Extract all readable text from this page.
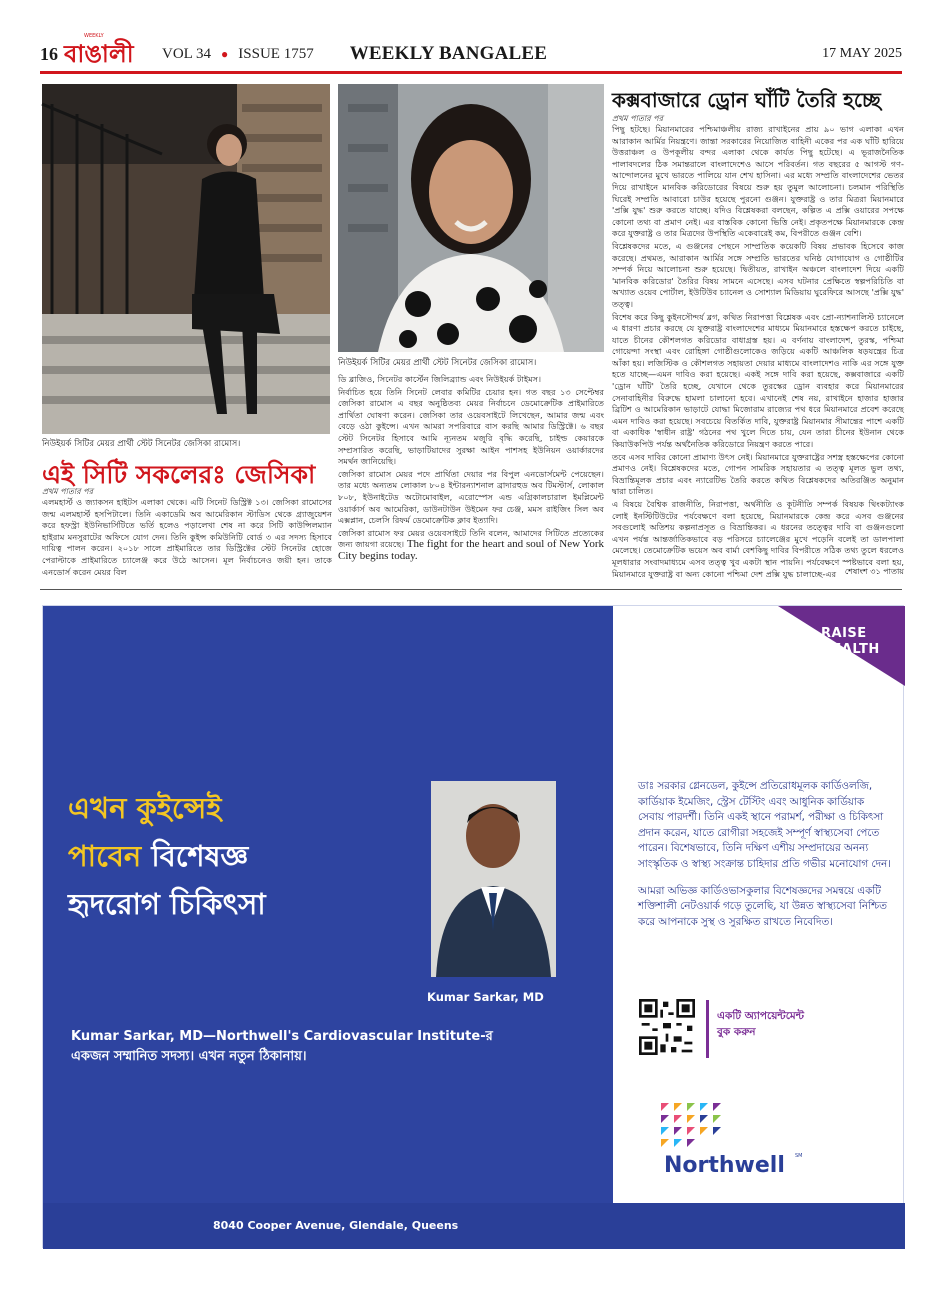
16
WEEKLY
বাঙালী VOL 34 ● ISSUE 1757 WEEKLY BANGALEE	17 MAY 2025
নিউইয়র্ক সিটির মেয়র প্রার্থী স্টেট সিনেটর জেসিকা রামোস।
নিউইয়র্ক সিটির মেয়র প্রার্থী স্টেট সিনেটর জেসিকা রামোস।
এই সিটি সকলেরঃ জেসিকা
প্রথম পাতার পর

এলমহার্স্ট ও জ্যাকসন হাইটস এলাকা থেকে। এটি সিনেট ডিস্ট্রিক্ট ১৩। জেসিকা রামোসের জন্ম এলমহার্স্ট হসপিটালে। তিনি একাডেমি অব আমেরিকান স্টাডিস থেকে গ্র্যাজুয়েশন করে হফস্ট্রা ইউনিভার্সিটিতে ভর্তি হলেও পড়ালেখা শেষ না করে সিটি কাউন্সিলম্যান হাইরাম মনসুরাটের অফিসে যোগ দেন। তিনি কুইন্স কমিউনিটি বোর্ড ৩ এর সদস্য হিসাবে দায়িত্ব পালন করেন। ২০১৮ সালে প্রাইমারিতে তার ডিস্ট্রিক্টের স্টেট সিনেটর হোজে পেরাল্টাকে প্রাইমারিতে চ্যালেঞ্জ করে উঠে আসেন। মূল নির্বাচনেও জয়ী হন। তাকে এনডোর্স করেন মেয়র বিল

ডি ব্লাজিও, সিনেটর কার্স্টেন জিলিব্র্যান্ড এবং নিউইয়র্ক টাইমস।

নির্বাচিত হয়ে তিনি সিনেট লেবার কমিটির চেয়ার হন। গত বছর ১৩ সেপ্টেম্বর জেসিকা রামোস এ বছর অনুষ্ঠিতব্য মেয়র নির্বাচনে ডেমোক্রেটিক প্রাইমারিতে প্রার্থিতা ঘোষণা করেন। জেসিকা তার ওয়েবসাইটে লিখেছেন, আমার জন্ম এবং বেড়ে ওঠা কুইন্সে। এখন আমরা সপরিবারে বাস করছি আমার ডিস্ট্রিক্টে। ৬ বছর স্টেট সিনেটর হিসাবে আমি ন্যূনতম মজুরি বৃদ্ধি করেছি, চাইল্ড কেয়ারকে সম্প্রসারিত করেছি, ভাড়াটিয়াদের সুরক্ষা আইন পাশসহ ইউনিয়ন ওয়ার্কারদের সমর্থন জানিয়েছি।

জেসিকা রামোস মেয়র পদে প্রার্থিতা দেয়ার পর বিপুল এনডোর্সমেন্ট পেয়েছেন। তার মধ্যে অন্যতম লোকাল ৮০৪ ইন্টারন্যাশনাল ব্রাদারহুড অব টিমস্টার্স, লোকাল ৮০৮, ইউনাইটেড অটোমোবাইল, এরোস্পেস এন্ড এগ্রিকালচারাল ইমপ্লিমেন্ট ওয়ার্কার্স অব আমেরিকা, ডাউনটাউন উইমেন ফর চেঞ্জ, মমস রাইজিং সিল অব এক্সপ্লান, চেলসি রিফর্ম ডেমোক্রেটিক ক্লাব ইত্যাদি।

জেসিকা রামোস ফর মেয়র ওয়েবসাইটে তিনি বলেন, আমাদের সিটিতে প্রত্যেকের জন্য জায়গা রয়েছে। The fight for the heart and soul of New York City begins today.

কক্সবাজারে ড্রোন ঘাঁটি তৈরি হচ্ছে
প্রথম পাতার পর

পিছু হটছে। মিয়ানমারের পশ্চিমাঞ্চলীয় রাজ্য রাখাইনের প্রায় ৯০ ভাগ এলাকা এখন আরাকান আর্মির নিয়ন্ত্রণে। জান্তা সরকারের নিয়োজিত বাহিনী একের পর এক ঘাঁটি হারিয়ে উত্তরাঞ্চল ও উপকূলীয় বন্দর এলাকা থেকে কার্যত পিছু হটেছে। এ ভূরাজনৈতিক পালাবদলের ঠিক সমান্তরালে বাংলাদেশেও আসে পরিবর্তন। গত বছরের ৫ আগস্ট গণ-আন্দোলনের মুখে ভারতে পালিয়ে যান শেখ হাসিনা। এর মধ্যে সম্প্রতি বাংলাদেশের ভেতর দিয়ে রাখাইনে মানবিক করিডোরের বিষয়ে শুরু হয় তুমুল আলোচনা। চলমান পরিস্থিতি ঘিরেই সম্প্রতি আবারো চাউর হয়েছে পুরনো গুঞ্জন। যুক্তরাষ্ট্র ও তার মিত্ররা মিয়ানমারে 'প্রক্সি যুদ্ধ' শুরু করতে যাচ্ছে। যদিও বিশ্লেষকরা বলছেন, কল্পিত এ প্রক্সি ওয়ারের সপক্ষে কোনো তথ্য বা প্রমাণ নেই। এর বাস্তবিক কোনো ভিত্তি নেই। প্রকৃতপক্ষে মিয়ানমারকে কেন্দ্র করে যুক্তরাষ্ট্র ও তার মিত্রদের উপস্থিতি একেবারেই কম, বিপরীতে গুঞ্জন বেশি।

বিশ্লেষকদের মতে, এ গুঞ্জনের পেছনে সাম্প্রতিক কয়েকটি বিষয় প্রভাবক হিসেবে কাজ করেছে। প্রথমত, আরাকান আর্মির সঙ্গে সম্প্রতি ভারতের ঘনিষ্ঠ যোগাযোগ ও গোষ্ঠীটির সম্পর্ক নিয়ে আলোচনা শুরু হয়েছে। দ্বিতীয়ত, রাখাইন অঞ্চলে বাংলাদেশ দিয়ে একটি 'মানবিক করিডোর' তৈরির বিষয় সামনে এসেছে। এসব ঘটনার প্রেক্ষিতে স্বল্পপরিচিতি বা অখ্যাত ওয়েব পোর্টাল, ইউটিউব চ্যানেল ও সোশ্যাল মিডিয়ায় ঘুরেফিরে আসছে 'প্রক্সি যুদ্ধ' তত্ত্ব।

বিশেষ করে কিছু কুইনসৌন্দর্য ব্লগ, কথিত নিরাপত্তা বিশ্লেষক এবং প্রো-ন্যাশনালিস্ট চ্যানেলে এ ধারণা প্রচার করছে যে যুক্তরাষ্ট্র বাংলাদেশের মাধ্যমে মিয়ানমারে হস্তক্ষেপ করতে চাইছে, যাতে চীনের কৌশলগত করিডোর বাধাগ্রস্ত হয়। এ বর্ণনায় বাংলাদেশ, তুরস্ক, পশ্চিমা গোয়েন্দা সংস্থা এবং রোহিঙ্গা গোষ্ঠীগুলোকেও জড়িয়ে একটি আঞ্চলিক ষড়যন্ত্রের চিত্র আঁকা হয়। লজিস্টিক ও কৌশলগত সহায়তা দেয়ার মাধ্যমে বাংলাদেশও নাকি এর সঙ্গে যুক্ত হতে যাচ্ছে—এমন দাবিও করা হয়েছে। একই সঙ্গে দাবি করা হয়েছে, কক্সবাজারে একটি 'ড্রোন ঘাঁটি' তৈরি হচ্ছে, যেখানে থেকে তুরস্কের ড্রোন ব্যবহার করে মিয়ানমারের সেনাবাহিনীর বিরুদ্ধে হামলা চালানো হবে। এখানেই শেষ নয়, রাখাইনে হাজার হাজার ব্রিটিশ ও আমেরিকান ভাড়াটে যোদ্ধা মিজোরাম রাজ্যের পথ ধরে মিয়ানমারে প্রবেশ করেছে এমন দাবিও করা হয়েছে। সবচেয়ে বিতর্কিত দাবি, যুক্তরাষ্ট্র মিয়ানমার সীমান্তের পাশে একটি বা একাধিক 'স্বাধীন রাষ্ট্র' গঠনের পথ খুলে দিতে চায়, যেন তারা চীনের ইউনান থেকে কিয়াউকপিউ পর্যন্ত অর্থনৈতিক করিডোরে নিয়ন্ত্রণ করতে পারে।

তবে এসব দাবির কোনো প্রামাণ্য উৎস নেই। মিয়ানমারে যুক্তরাষ্ট্রের সশস্ত্র হস্তক্ষেপের কোনো প্রমাণও নেই। বিশ্লেষকদের মতে, গোপন সামরিক সহায়তার এ তত্ত্ব মূলত ভুল তথ্য, বিভ্রান্তিমূলক প্রচার এবং ন্যারেটিভ তৈরি করতে কথিত বিশ্লেষকদের অতিরঞ্জিত অনুমান দ্বারা চালিত।

এ বিষয়ে বৈশ্বিক রাজনীতি, নিরাপত্তা, অর্থনীতি ও কূটনীতি সম্পর্ক বিষয়ক থিংকট্যাংক লোই ইনস্টিটিউটের পর্যবেক্ষণে বলা হয়েছে, মিয়ানমারকে কেন্দ্র করে এসব গুঞ্জনের সবগুলোই অতিশয় কল্পনাপ্রসূত ও বিভ্রান্তিকর। এ ধরনের তত্ত্বের দাবি বা গুঞ্জনগুলো এখন পর্যন্ত আন্তর্জাতিকভাবে বড় পরিসরে চ্যালেঞ্জের মুখে পড়েনি বলেই তা ডালপালা মেলেছে। তেমোক্রেটিক ভয়েস অব বার্মা বেশকিছু দাবির বিপরীতে সঠিক তথ্য তুলে ধরলেও মূলধারার সংবাদমাধ্যমে এসব তত্ত্ব খুব একটা স্থান পায়নি। পর্যবেক্ষণে স্পষ্টভাবে বলা হয়, মিয়ানমারে যুক্তরাষ্ট্র বা অন্য কোনো পশ্চিমা দেশ প্রক্সি যুদ্ধ চালাচ্ছে-এর	শেষাংশ ৩১ পাতায়
এখন কুইন্সেই
পাবেন বিশেষজ্ঞ
হৃদরোগ চিকিৎসা
Kumar Sarkar, MD
Kumar Sarkar, MD—Northwell's Cardiovascular Institute-র
একজন সম্মানিত সদস্য। এখন নতুন ঠিকানায়।
RAISE
HEALTH

ডাঃ সরকার গ্লেনডেল, কুইন্সে প্রতিরোধমূলক কার্ডিওলজি, কার্ডিয়াক ইমেজিং, স্ট্রেস টেস্টিং এবং আধুনিক কার্ডিয়াক সেবায় পারদর্শী। তিনি একই স্থানে পরামর্শ, পরীক্ষা ও চিকিৎসা প্রদান করেন, যাতে রোগীরা সহজেই সম্পূর্ণ স্বাস্থ্যসেবা পেতে পারেন। বিশেষভাবে, তিনি দক্ষিণ এশীয় সম্প্রদায়ের অনন্য সাংস্কৃতিক ও স্বাস্থ্য সংক্রান্ত চাহিদার প্রতি গভীর মনোযোগ দেন।

আমরা অভিজ্ঞ কার্ডিওভাসকুলার বিশেষজ্ঞদের সমন্বয়ে একটি শক্তিশালী নেটওয়ার্ক গড়ে তুলেছি, যা উন্নত স্বাস্থ্যসেবা নিশ্চিত করে আপনাকে সুস্থ ও সুরক্ষিত রাখতে নিবেদিত।

একটি অ্যাপয়েন্টমেন্ট
বুক করুন
Northwell SM
8040 Cooper Avenue, Glendale, Queens
